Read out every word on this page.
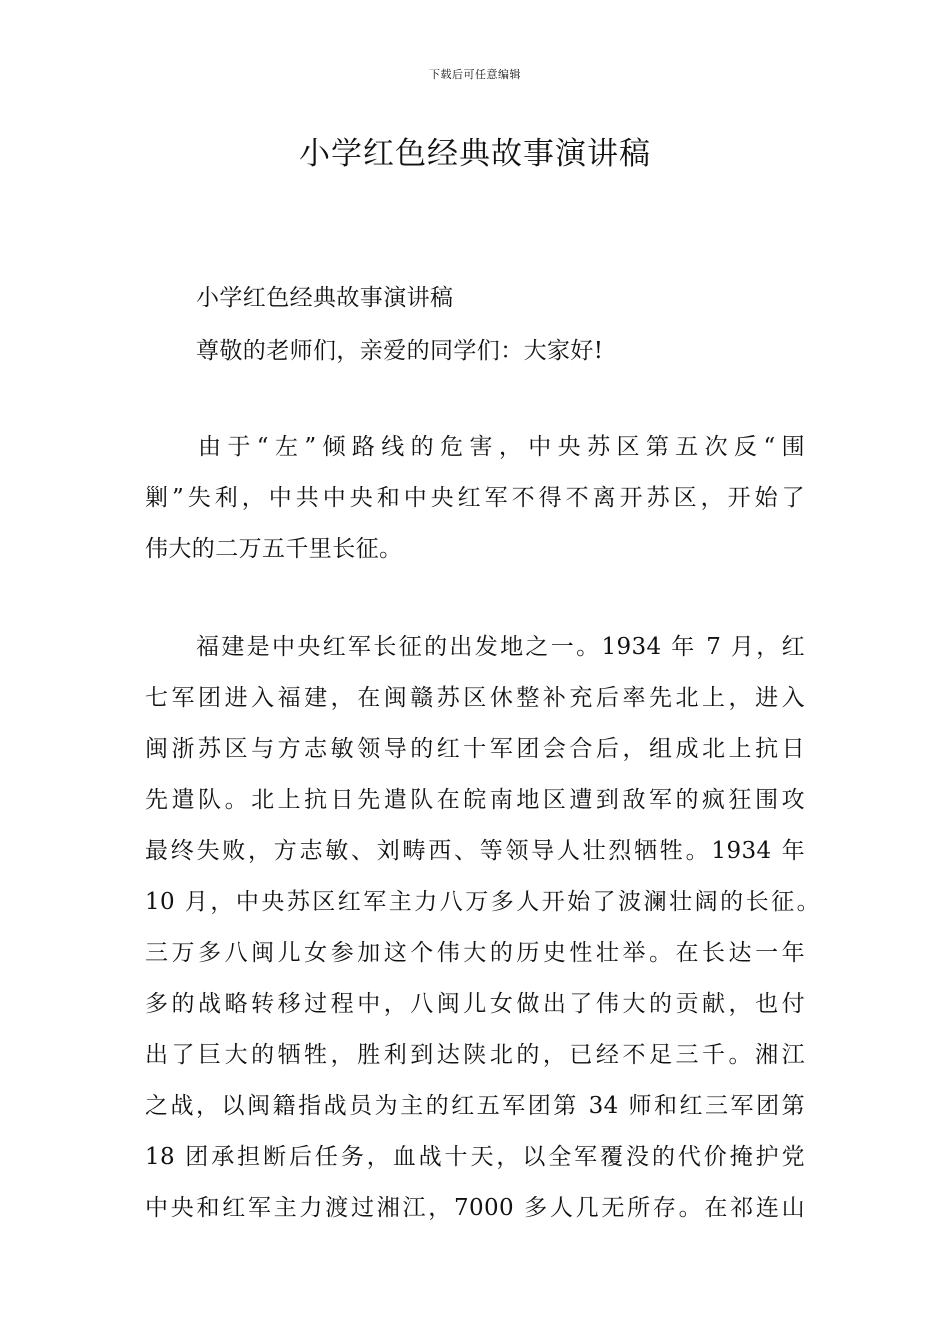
下载后可任意编辑
小学红色经典故事演讲稿
小学红色经典故事演讲稿
尊敬的老师们，亲爱的同学们：大家好!
由于“左”倾路线的危害，中央苏区第五次反“围
剿”失利，中共中央和中央红军不得不离开苏区，开始了
伟大的二万五千里长征。
福建是中央红军长征的出发地之一。1934 年 7 月，红
七军团进入福建，在闽赣苏区休整补充后率先北上，进入
闽浙苏区与方志敏领导的红十军团会合后，组成北上抗日
先遣队。北上抗日先遣队在皖南地区遭到敌军的疯狂围攻
最终失败，方志敏、刘畴西、等领导人壮烈牺牲。1934 年
10 月，中央苏区红军主力八万多人开始了波澜壮阔的长征。
三万多八闽儿女参加这个伟大的历史性壮举。在长达一年
多的战略转移过程中，八闽儿女做出了伟大的贡献，也付
出了巨大的牺牲，胜利到达陕北的，已经不足三千。湘江
之战，以闽籍指战员为主的红五军团第 34 师和红三军团第
18 团承担断后任务，血战十天，以全军覆没的代价掩护党
中央和红军主力渡过湘江，7000 多人几无所存。在祁连山
